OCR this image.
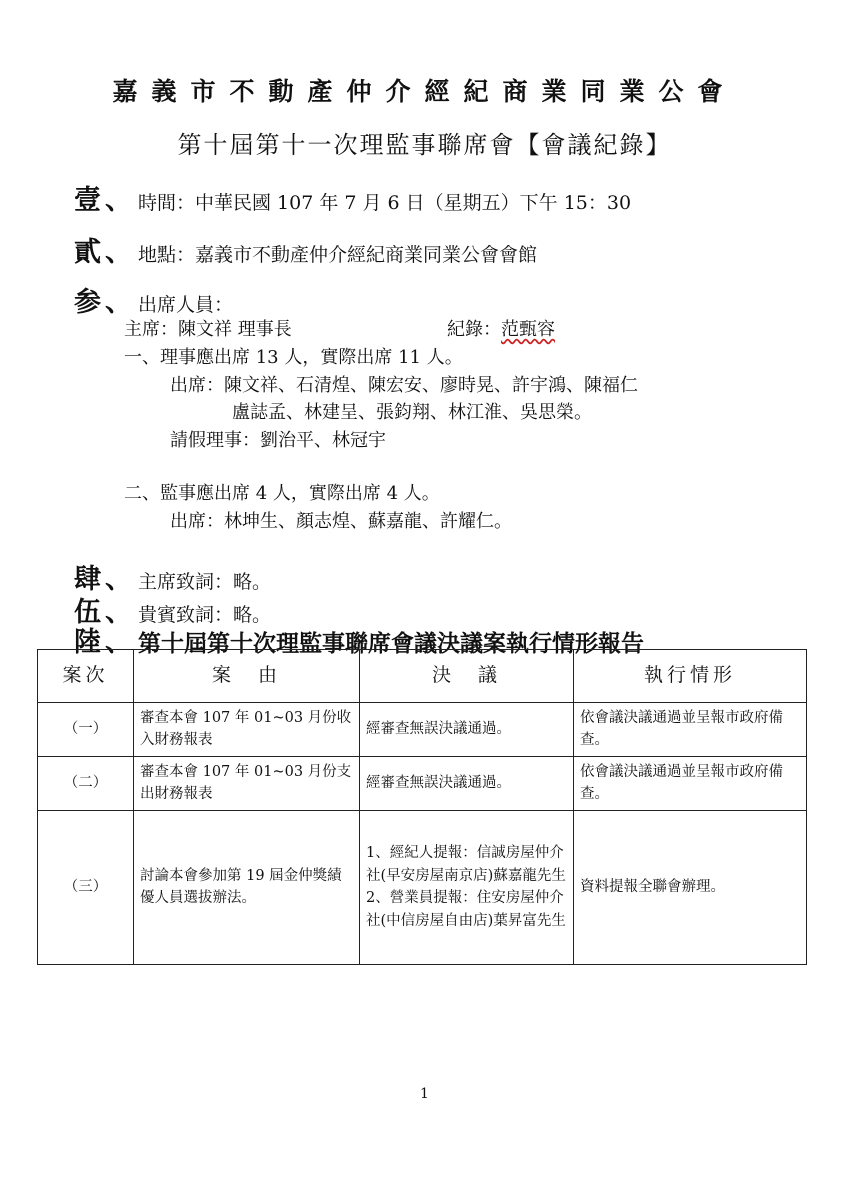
嘉義市不動產仲介經紀商業同業公會
第十屆第十一次理監事聯席會【會議紀錄】
壹 、 時間：中華民國 107 年 7 月 6 日（星期五）下午 15：30
貳 、 地點：嘉義市不動產仲介經紀商業同業公會會館
参 、 出席人員：
主席：陳文祥 理事長	紀錄：范甄容
一、理事應出席 13 人，實際出席 11 人。
出席：陳文祥、石清煌、陳宏安、廖時晃、許宇鴻、陳福仁
盧誌孟、林建呈、張鈞翔、林江淮、吳思榮。
請假理事：劉治平、林冠宇
二、監事應出席 4 人，實際出席 4 人。
出席：林坤生、顏志煌、蘇嘉龍、許耀仁。
肆 、 主席致詞：略。
伍 、 貴賓致詞：略。
陸 、 第十屆第十次理監事聯席會議決議案執行情形報告
案次	案　由	決　議	執行情形
（一）	審查本會 107 年 01~03 月份收入財務報表	經審查無誤決議通過。	依會議決議通過並呈報市政府備查。
（二）	審查本會 107 年 01~03 月份支出財務報表	經審查無誤決議通過。	依會議決議通過並呈報市政府備查。
（三）	討論本會參加第 19 屆金仲獎績優人員選拔辦法。	1、經紀人提報：信誠房屋仲介社(早安房屋南京店)蘇嘉龍先生
2、營業員提報：住安房屋仲介社(中信房屋自由店)葉昇富先生	資料提報全聯會辦理。
1
